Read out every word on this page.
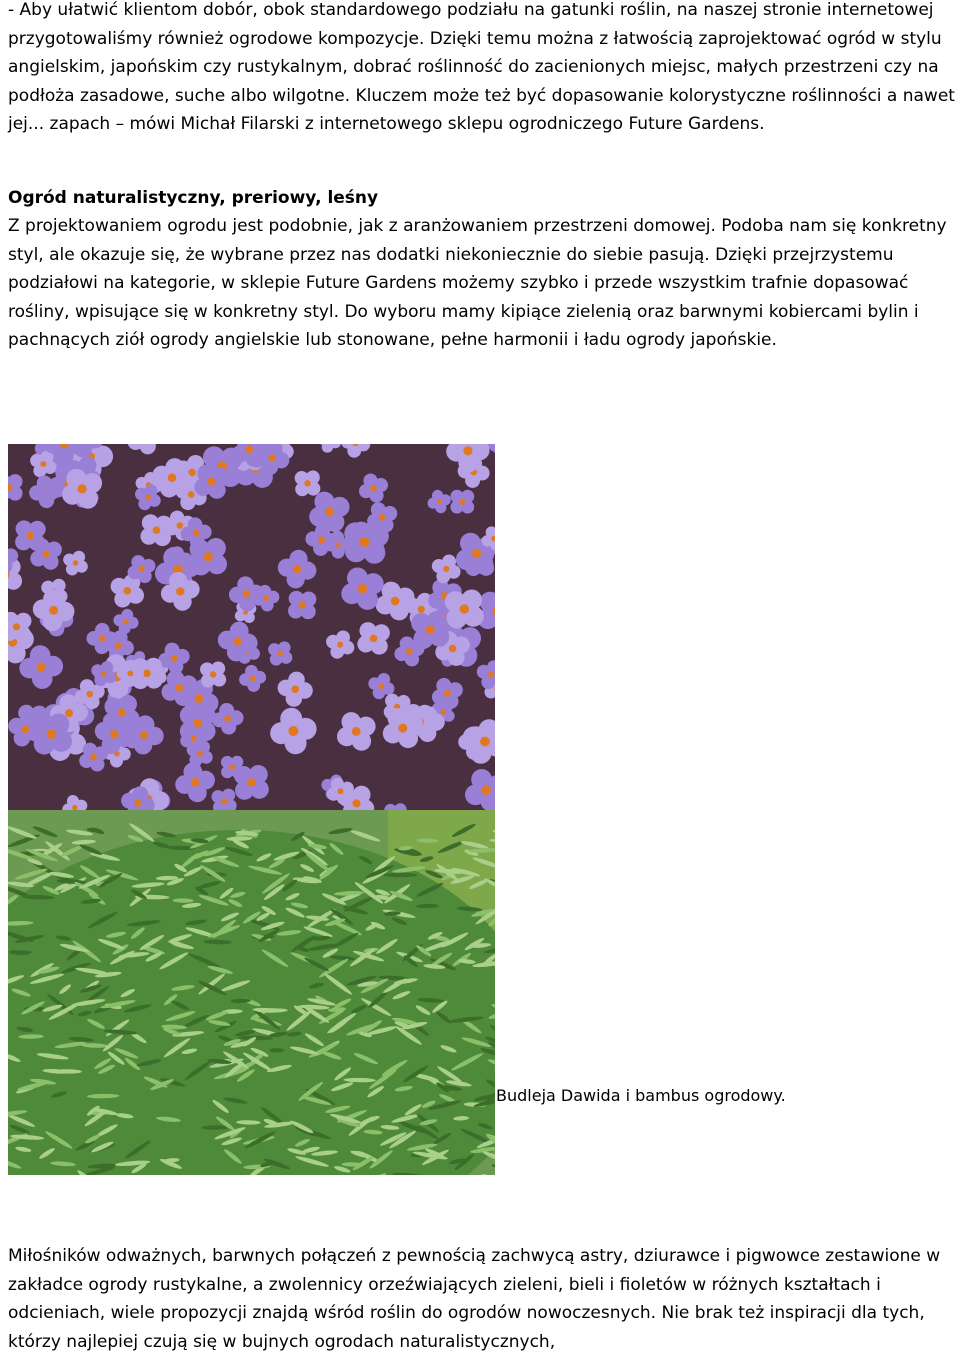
- Aby ułatwić klientom dobór, obok standardowego podziału na gatunki roślin, na naszej stronie internetowej przygotowaliśmy również ogrodowe kompozycje. Dzięki temu można z łatwością zaprojektować ogród w stylu angielskim, japońskim czy rustykalnym, dobrać roślinność do zacienionych miejsc, małych przestrzeni czy na podłoża zasadowe, suche albo wilgotne. Kluczem może też być dopasowanie kolorystyczne roślinności a nawet jej... zapach – mówi Michał Filarski z internetowego sklepu ogrodniczego Future Gardens.

Ogród naturalistyczny, preriowy, leśny

Z projektowaniem ogrodu jest podobnie, jak z aranżowaniem przestrzeni domowej. Podoba nam się konkretny styl, ale okazuje się, że wybrane przez nas dodatki niekoniecznie do siebie pasują. Dzięki przejrzystemu podziałowi na kategorie, w sklepie Future Gardens możemy szybko i przede wszystkim trafnie dopasować rośliny, wpisujące się w konkretny styl. Do wyboru mamy kipiące zielenią oraz barwnymi kobiercami bylin i pachnących ziół ogrody angielskie lub stonowane, pełne harmonii i ładu ogrody japońskie.

Budleja Dawida i bambus ogrodowy.

Miłośników odważnych, barwnych połączeń z pewnością zachwycą astry, dziurawce i pigwowce zestawione w zakładce ogrody rustykalne, a zwolennicy orzeźwiających zieleni, bieli i fioletów w różnych kształtach i odcieniach, wiele propozycji znajdą wśród roślin do ogrodów nowoczesnych. Nie brak też inspiracji dla tych, którzy najlepiej czują się w bujnych ogrodach naturalistycznych,
